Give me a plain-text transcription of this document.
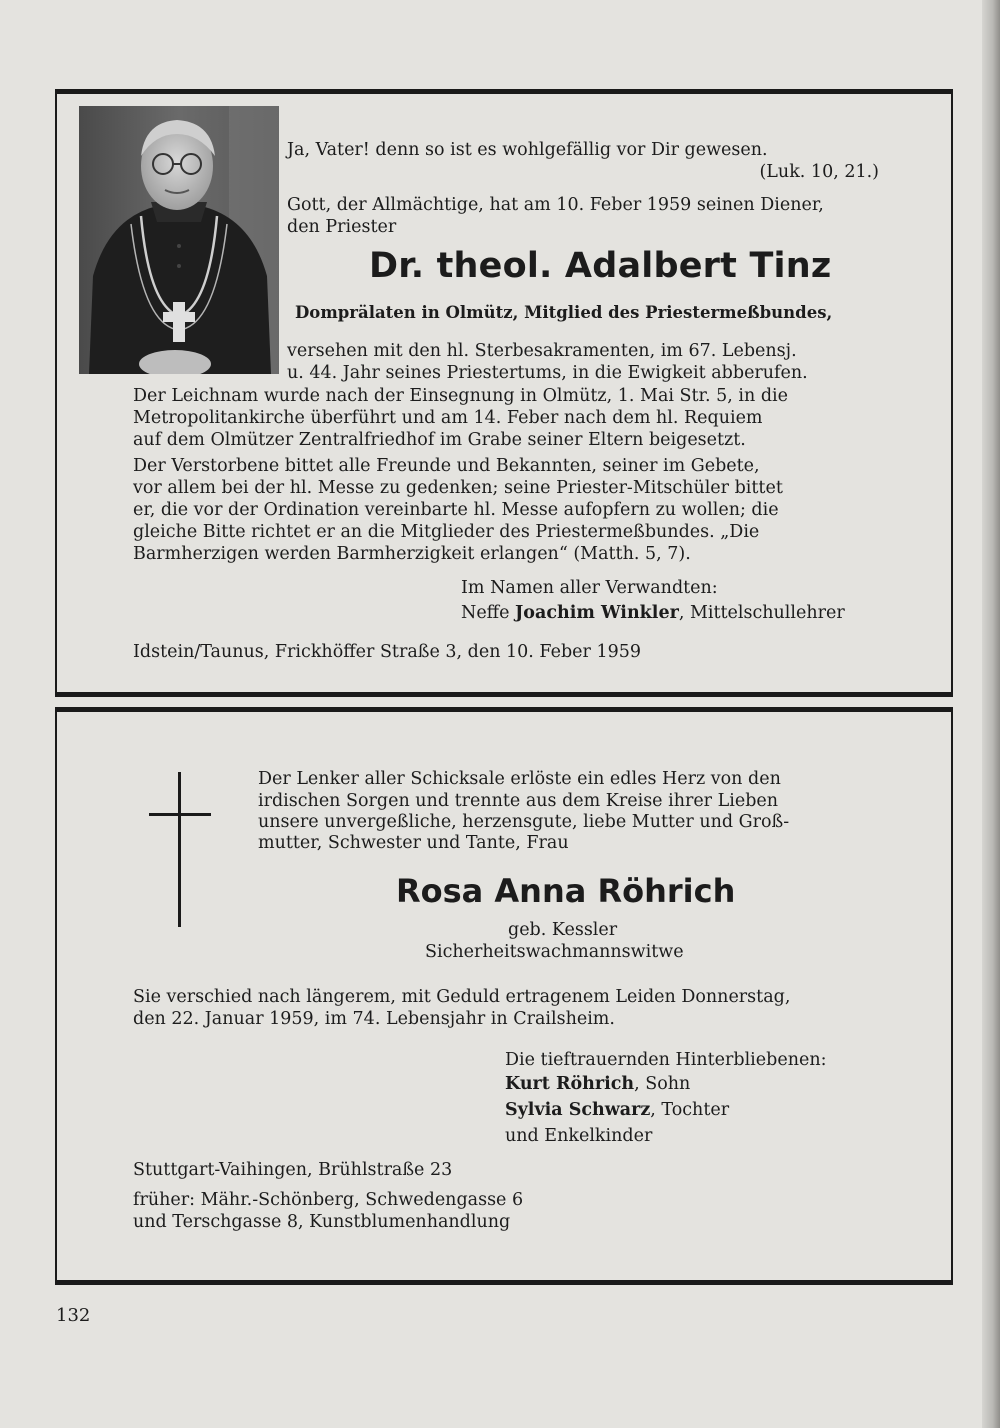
Ja, Vater! denn so ist es wohlgefällig vor Dir gewesen.

(Luk. 10, 21.)

Gott, der Allmächtige, hat am 10. Feber 1959 seinen Diener,

den Priester

Dr. theol. Adalbert Tinz

Domprälaten in Olmütz, Mitglied des Priestermeßbundes,

versehen mit den hl. Sterbesakramenten, im 67. Lebensj.

u. 44. Jahr seines Priestertums, in die Ewigkeit abberufen.

Der Leichnam wurde nach der Einsegnung in Olmütz, 1. Mai Str. 5, in die

Metropolitankirche überführt und am 14. Feber nach dem hl. Requiem

auf dem Olmützer Zentralfriedhof im Grabe seiner Eltern beigesetzt.

Der Verstorbene bittet alle Freunde und Bekannten, seiner im Gebete,

vor allem bei der hl. Messe zu gedenken; seine Priester-Mitschüler bittet

er, die vor der Ordination vereinbarte hl. Messe aufopfern zu wollen; die

gleiche Bitte richtet er an die Mitglieder des Priestermeßbundes. „Die

Barmherzigen werden Barmherzigkeit erlangen“ (Matth. 5, 7).

Im Namen aller Verwandten:

Neffe Joachim Winkler, Mittelschullehrer

Idstein/Taunus, Frickhöffer Straße 3, den 10. Feber 1959

Der Lenker aller Schicksale erlöste ein edles Herz von den

irdischen Sorgen und trennte aus dem Kreise ihrer Lieben

unsere unvergeßliche, herzensgute, liebe Mutter und Groß-

mutter, Schwester und Tante, Frau

Rosa Anna Röhrich

geb. Kessler

Sicherheitswachmannswitwe

Sie verschied nach längerem, mit Geduld ertragenem Leiden Donnerstag,

den 22. Januar 1959, im 74. Lebensjahr in Crailsheim.

Die tieftrauernden Hinterbliebenen:

Kurt Röhrich, Sohn

Sylvia Schwarz, Tochter

und Enkelkinder

Stuttgart-Vaihingen, Brühlstraße 23

früher: Mähr.-Schönberg, Schwedengasse 6

und Terschgasse 8, Kunstblumenhandlung

132
